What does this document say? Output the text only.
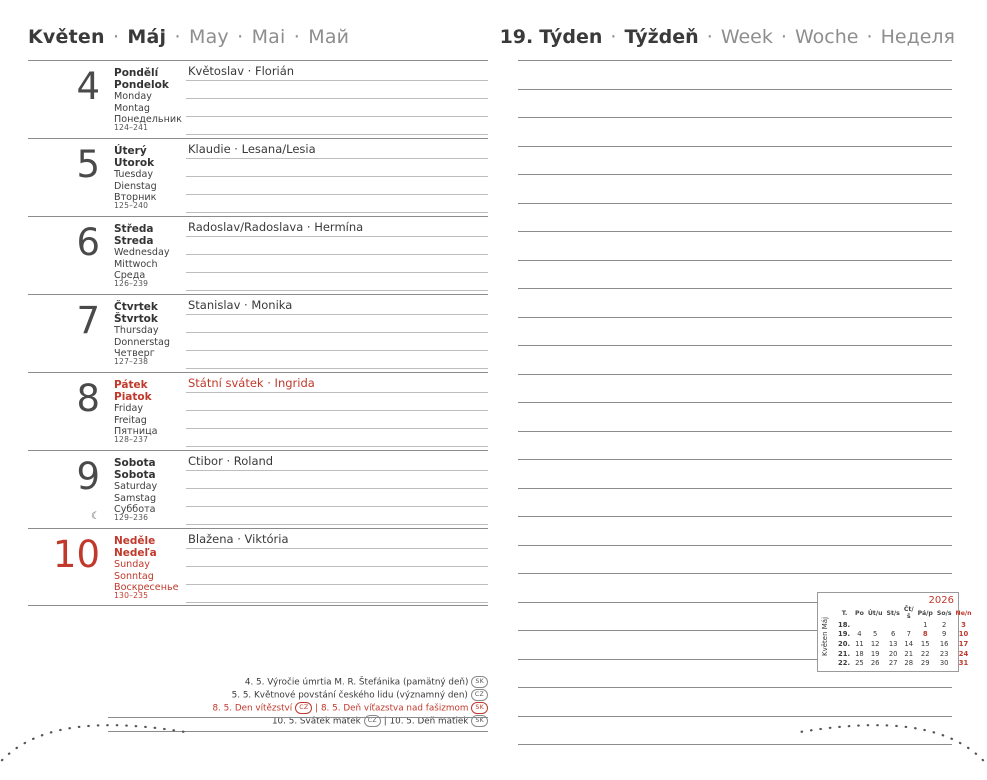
Květen · Máj · May · Mai · Май	19. Týden · Týždeň · Week · Woche · Неделя
4 Pondělí
Pondelok
Monday
Montag
Понедельник
124–241
Květoslav · Florián
5 Úterý
Utorok
Tuesday
Dienstag
Вторник
125–240
Klaudie · Lesana/Lesia
6 Středa
Streda
Wednesday
Mittwoch
Среда
126–239
Radoslav/Radoslava · Hermína
7 Čtvrtek
Štvrtok
Thursday
Donnerstag
Четверг
127–238
Stanislav · Monika
8 Pátek
Piatok
Friday
Freitag
Пятница
128–237
Státní svátek · Ingrida
9 Sobota
Sobota
Saturday
Samstag
Суббота
129–236
☾
Ctibor · Roland
10 Neděle
Nedeľa
Sunday
Sonntag
Воскресенье
130–235
Blažena · Viktória
4. 5. Výročie úmrtia M. R. Štefánika (pamätný deň) SK
5. 5. Květnové povstání českého lidu (významný den) CZ
8. 5. Den vítězství CZ | 8. 5. Deň víťazstva nad fašizmom SK
10. 5. Svátek matek CZ | 10. 5. Deň matiek SK
2026
Květen Máj
T.	Po	Út/u	St/s	Čt/š	Pá/p	So/s	Ne/n
18.					1	2	3
19.	4	5	6	7	8	9	10
20.	11	12	13	14	15	16	17
21.	18	19	20	21	22	23	24
22.	25	26	27	28	29	30	31
